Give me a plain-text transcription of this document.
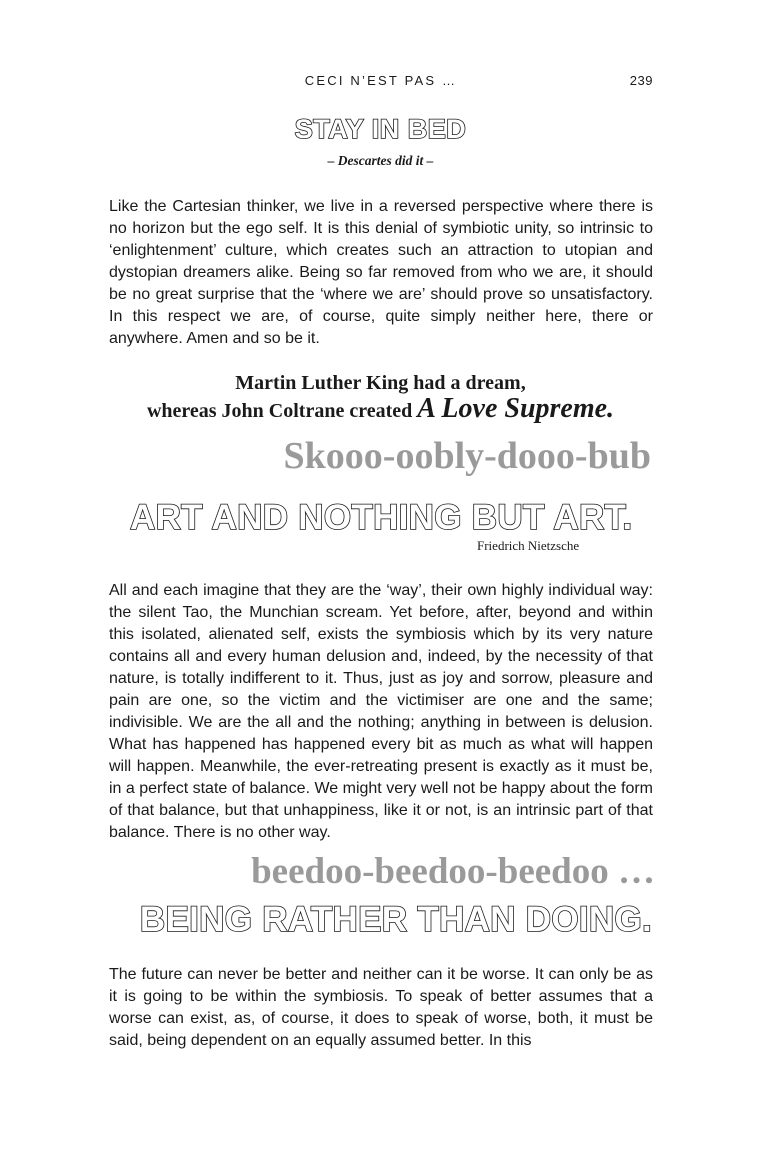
CECI N’EST PAS …	239
STAY IN BED
– Descartes did it –
Like the Cartesian thinker, we live in a reversed perspective where there is no horizon but the ego self. It is this denial of symbiotic unity, so intrinsic to ‘enlightenment’ culture, which creates such an attraction to utopian and dystopian dreamers alike. Being so far removed from who we are, it should be no great surprise that the ‘where we are’ should prove so unsatisfactory. In this respect we are, of course, quite simply neither here, there or anywhere. Amen and so be it.
Martin Luther King had a dream,
whereas John Coltrane created A Love Supreme.
Skooo-oobly-dooo-bub
ART AND NOTHING BUT ART.
Friedrich Nietzsche
All and each imagine that they are the ‘way’, their own highly individual way: the silent Tao, the Munchian scream. Yet before, after, beyond and within this isolated, alienated self, exists the symbiosis which by its very nature contains all and every human delusion and, indeed, by the necessity of that nature, is totally indifferent to it. Thus, just as joy and sorrow, pleasure and pain are one, so the victim and the victimiser are one and the same; indivisible. We are the all and the nothing; anything in between is delusion. What has happened has happened every bit as much as what will happen will happen. Meanwhile, the ever-retreating present is exactly as it must be, in a perfect state of balance. We might very well not be happy about the form of that balance, but that unhappiness, like it or not, is an intrinsic part of that balance. There is no other way.
beedoo-beedoo-beedoo …
BEING RATHER THAN DOING.
The future can never be better and neither can it be worse. It can only be as it is going to be within the symbiosis. To speak of better assumes that a worse can exist, as, of course, it does to speak of worse, both, it must be said, being dependent on an equally assumed better. In this
